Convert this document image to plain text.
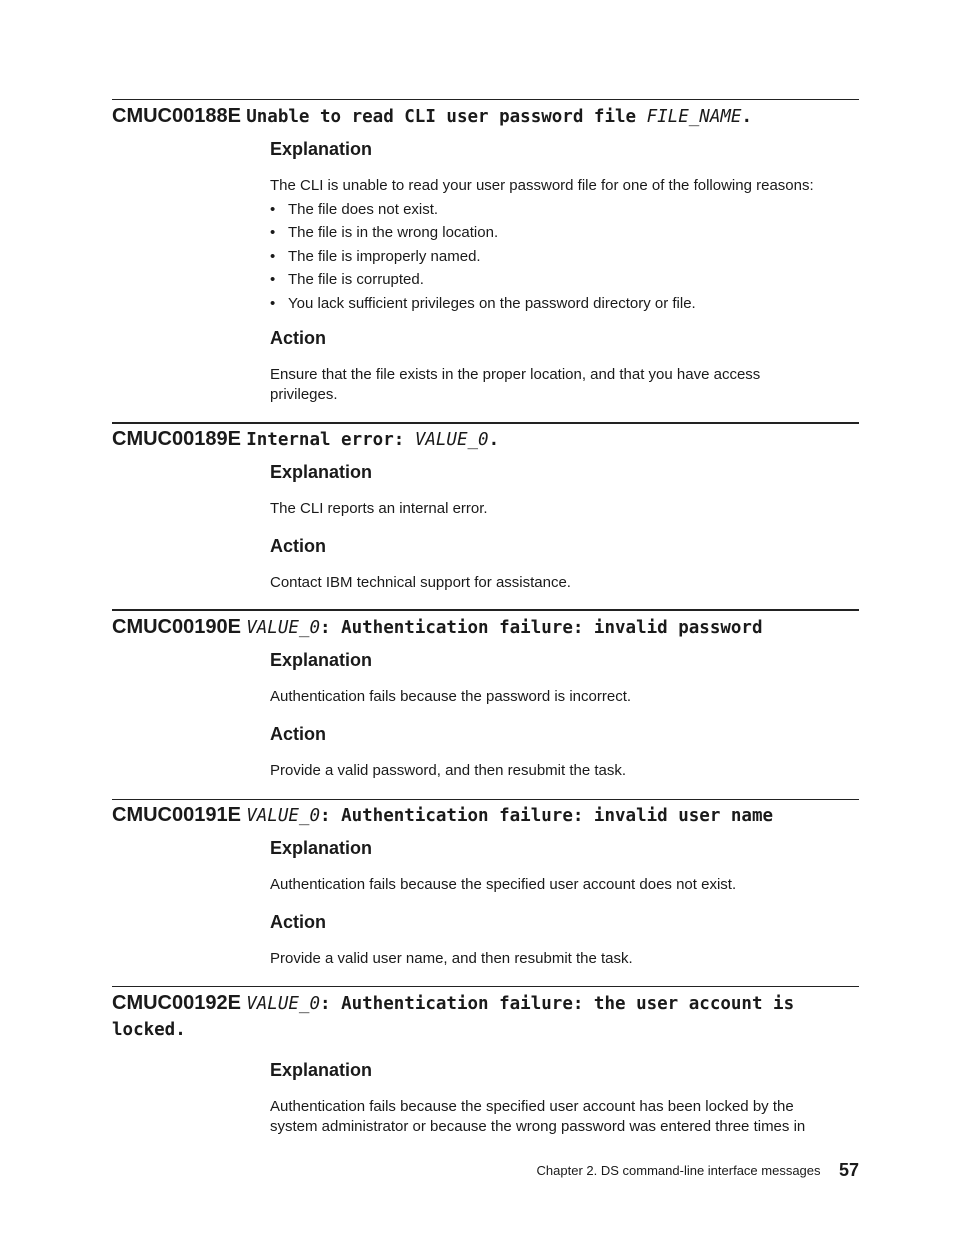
CMUC00188E Unable to read CLI user password file FILE_NAME.
Explanation

The CLI is unable to read your user password file for one of the following reasons:

• The file does not exist.
• The file is in the wrong location.
• The file is improperly named.
• The file is corrupted.
• You lack sufficient privileges on the password directory or file.
Action

Ensure that the file exists in the proper location, and that you have access privileges.

CMUC00189E Internal error: VALUE_0.
Explanation

The CLI reports an internal error.

Action

Contact IBM technical support for assistance.

CMUC00190E VALUE_0: Authentication failure: invalid password
Explanation

Authentication fails because the password is incorrect.

Action

Provide a valid password, and then resubmit the task.

CMUC00191E VALUE_0: Authentication failure: invalid user name
Explanation

Authentication fails because the specified user account does not exist.

Action

Provide a valid user name, and then resubmit the task.

CMUC00192E VALUE_0: Authentication failure: the user account is locked.
Explanation

Authentication fails because the specified user account has been locked by the system administrator or because the wrong password was entered three times in

Chapter 2. DS command-line interface messages 57
